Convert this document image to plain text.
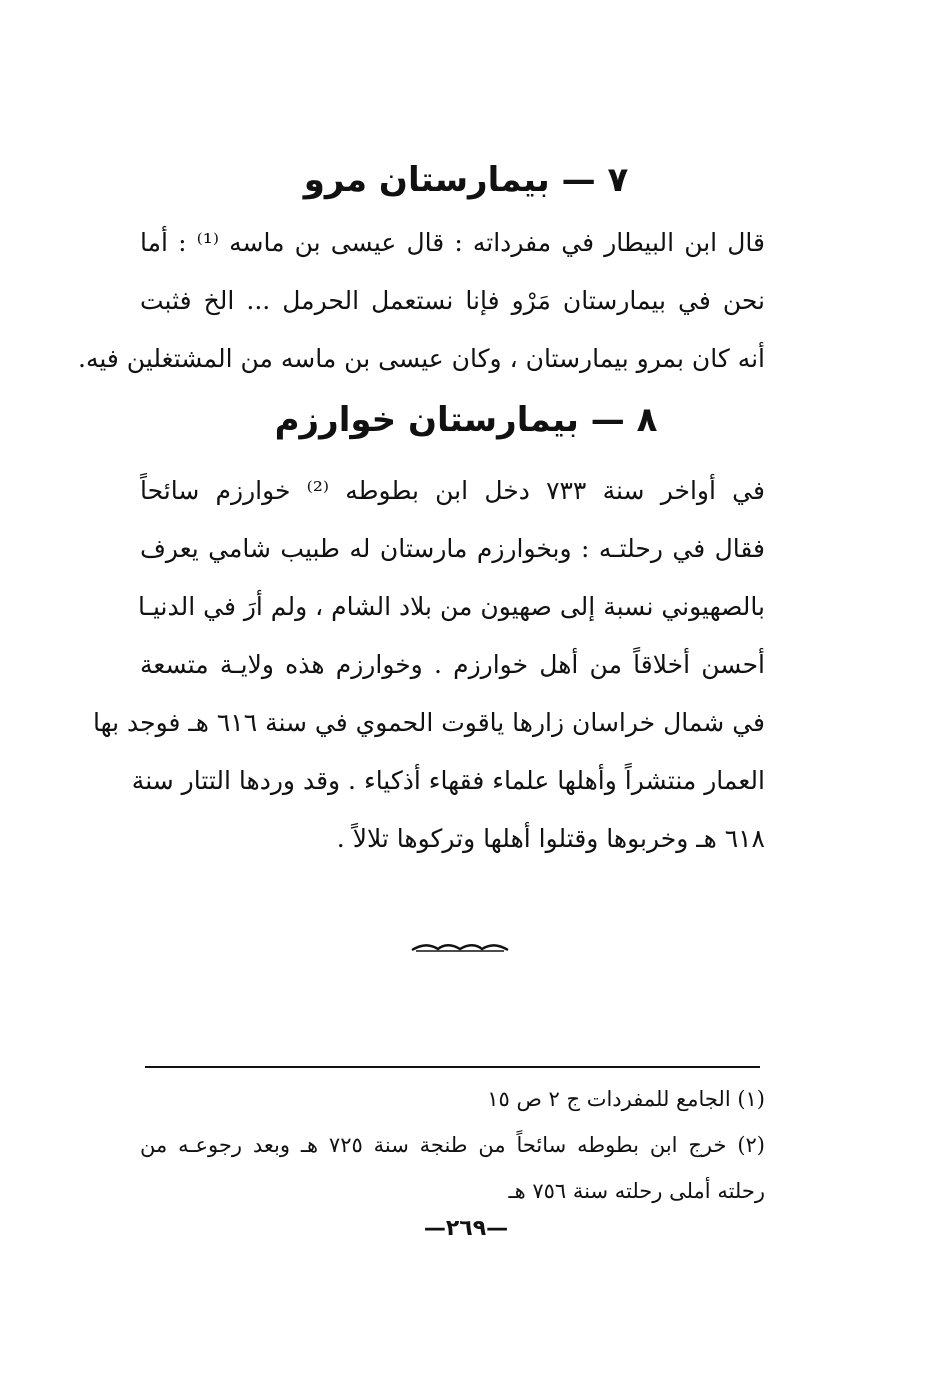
٧ — بيمارستان مرو
قال ابن البيطار في مفرداته : قال عيسى بن ماسه ⁽¹⁾ : أما
نحن في بيمارستان مَرْو فإنا نستعمل الحرمل ... الخ فثبت
أنه كان بمرو بيمارستان ، وكان عيسى بن ماسه من المشتغلين فيه.
٨ — بيمارستان خوارزم
في أواخر سنة ٧٣٣ دخل ابن بطوطه ⁽²⁾ خوارزم سائحاً
فقال في رحلتـه : وبخوارزم مارستان له طبيب شامي يعرف
بالصهيوني نسبة إلى صهيون من بلاد الشام ، ولم أرَ في الدنيـا
أحسن أخلاقاً من أهل خوارزم . وخوارزم هذه ولايـة متسعة
في شمال خراسان زارها ياقوت الحموي في سنة ٦١٦ هـ فوجد بها
العمار منتشراً وأهلها علماء فقهاء أذكياء . وقد وردها التتار سنة
٦١٨ هـ وخربوها وقتلوا أهلها وتركوها تلالاً .
(١) الجامع للمفردات ج ٢ ص ١٥
(٢) خرج ابن بطوطه سائحاً من طنجة سنة ٧٢٥ هـ وبعد رجوعـه من
رحلته أملى رحلته سنة ٧٥٦ هـ
—٢٦٩—
